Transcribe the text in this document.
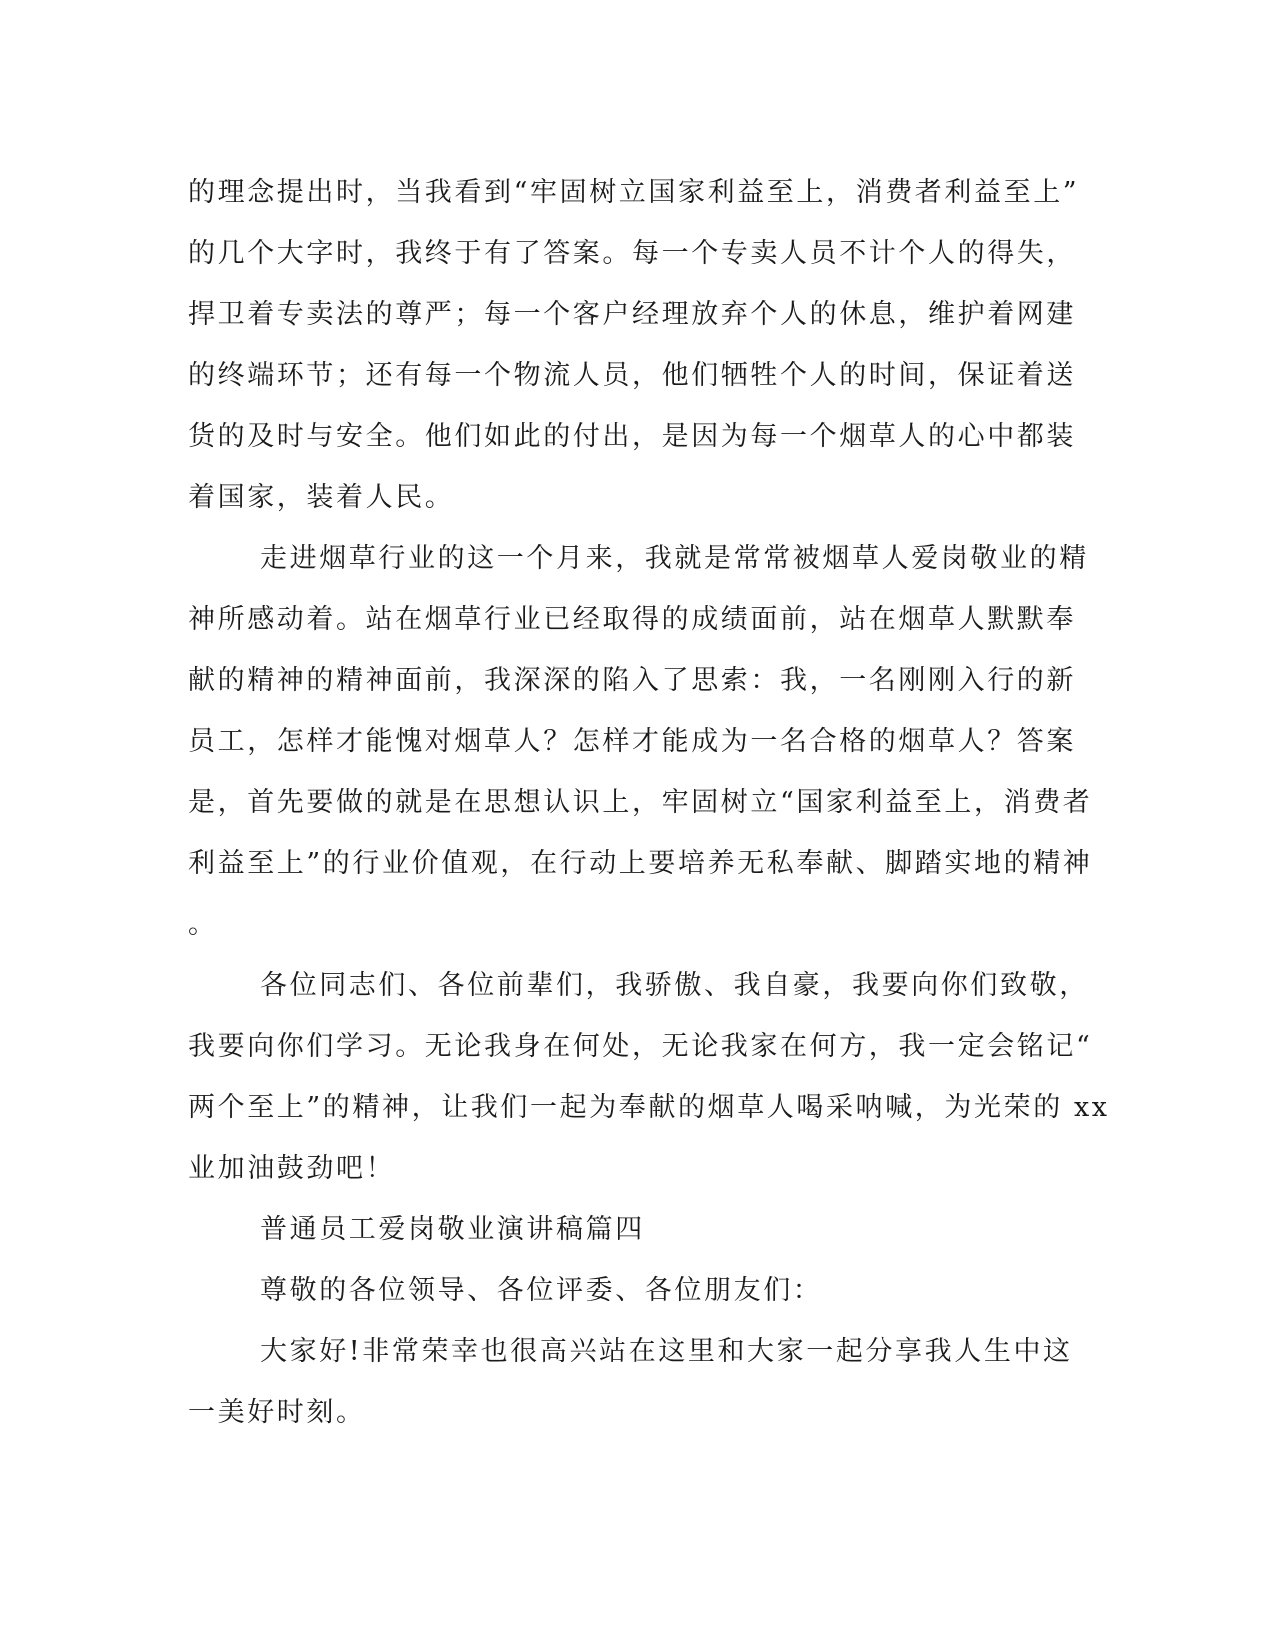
的理念提出时，当我看到“牢固树立国家利益至上，消费者利益至上”
的几个大字时，我终于有了答案。每一个专卖人员不计个人的得失，
捍卫着专卖法的尊严；每一个客户经理放弃个人的休息，维护着网建
的终端环节；还有每一个物流人员，他们牺牲个人的时间，保证着送
货的及时与安全。他们如此的付出，是因为每一个烟草人的心中都装
着国家，装着人民。
走进烟草行业的这一个月来，我就是常常被烟草人爱岗敬业的精
神所感动着。站在烟草行业已经取得的成绩面前，站在烟草人默默奉
献的精神的精神面前，我深深的陷入了思索：我，一名刚刚入行的新
员工，怎样才能愧对烟草人？怎样才能成为一名合格的烟草人？答案
是，首先要做的就是在思想认识上，牢固树立“国家利益至上，消费者
利益至上”的行业价值观，在行动上要培养无私奉献、脚踏实地的精神
。
各位同志们、各位前辈们，我骄傲、我自豪，我要向你们致敬，
我要向你们学习。无论我身在何处，无论我家在何方，我一定会铭记“
两个至上”的精神，让我们一起为奉献的烟草人喝采呐喊，为光荣的 xx
业加油鼓劲吧！
普通员工爱岗敬业演讲稿篇四
尊敬的各位领导、各位评委、各位朋友们：
大家好!非常荣幸也很高兴站在这里和大家一起分享我人生中这
一美好时刻。
